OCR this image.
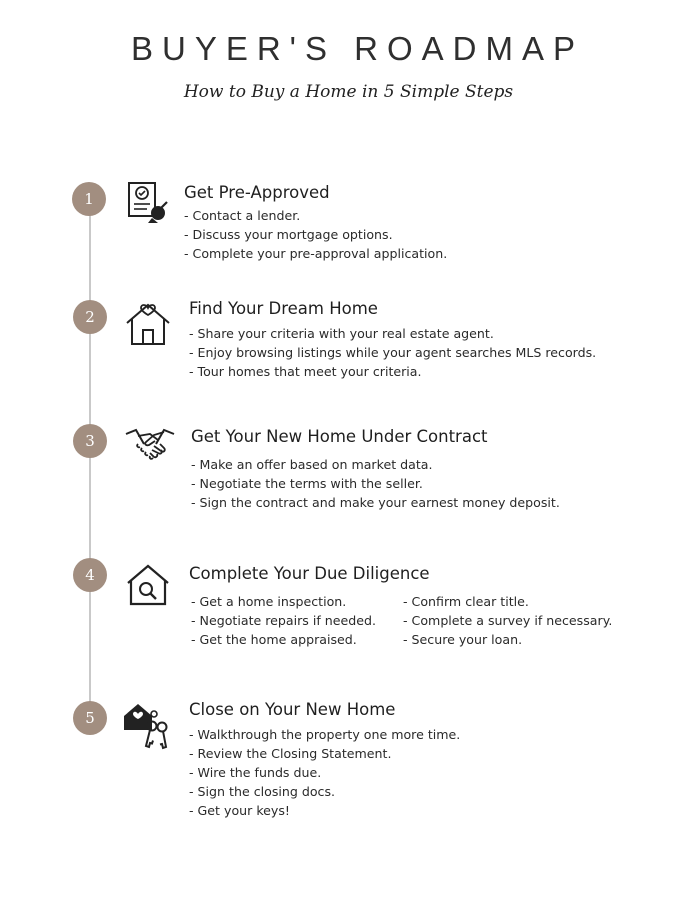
BUYER'S ROADMAP
How to Buy a Home in 5 Simple Steps
1	Get Pre-Approved
- Contact a lender.
- Discuss your mortgage options.
- Complete your pre-approval application.
2	Find Your Dream Home
- Share your criteria with your real estate agent.
- Enjoy browsing listings while your agent searches MLS records.
- Tour homes that meet your criteria.
3	Get Your New Home Under Contract
- Make an offer based on market data.
- Negotiate the terms with the seller.
- Sign the contract and make your earnest money deposit.
4	Complete Your Due Diligence
- Get a home inspection.
- Negotiate repairs if needed.
- Get the home appraised.
- Confirm clear title.
- Complete a survey if necessary.
- Secure your loan.
5	Close on Your New Home
- Walkthrough the property one more time.
- Review the Closing Statement.
- Wire the funds due.
- Sign the closing docs.
- Get your keys!
